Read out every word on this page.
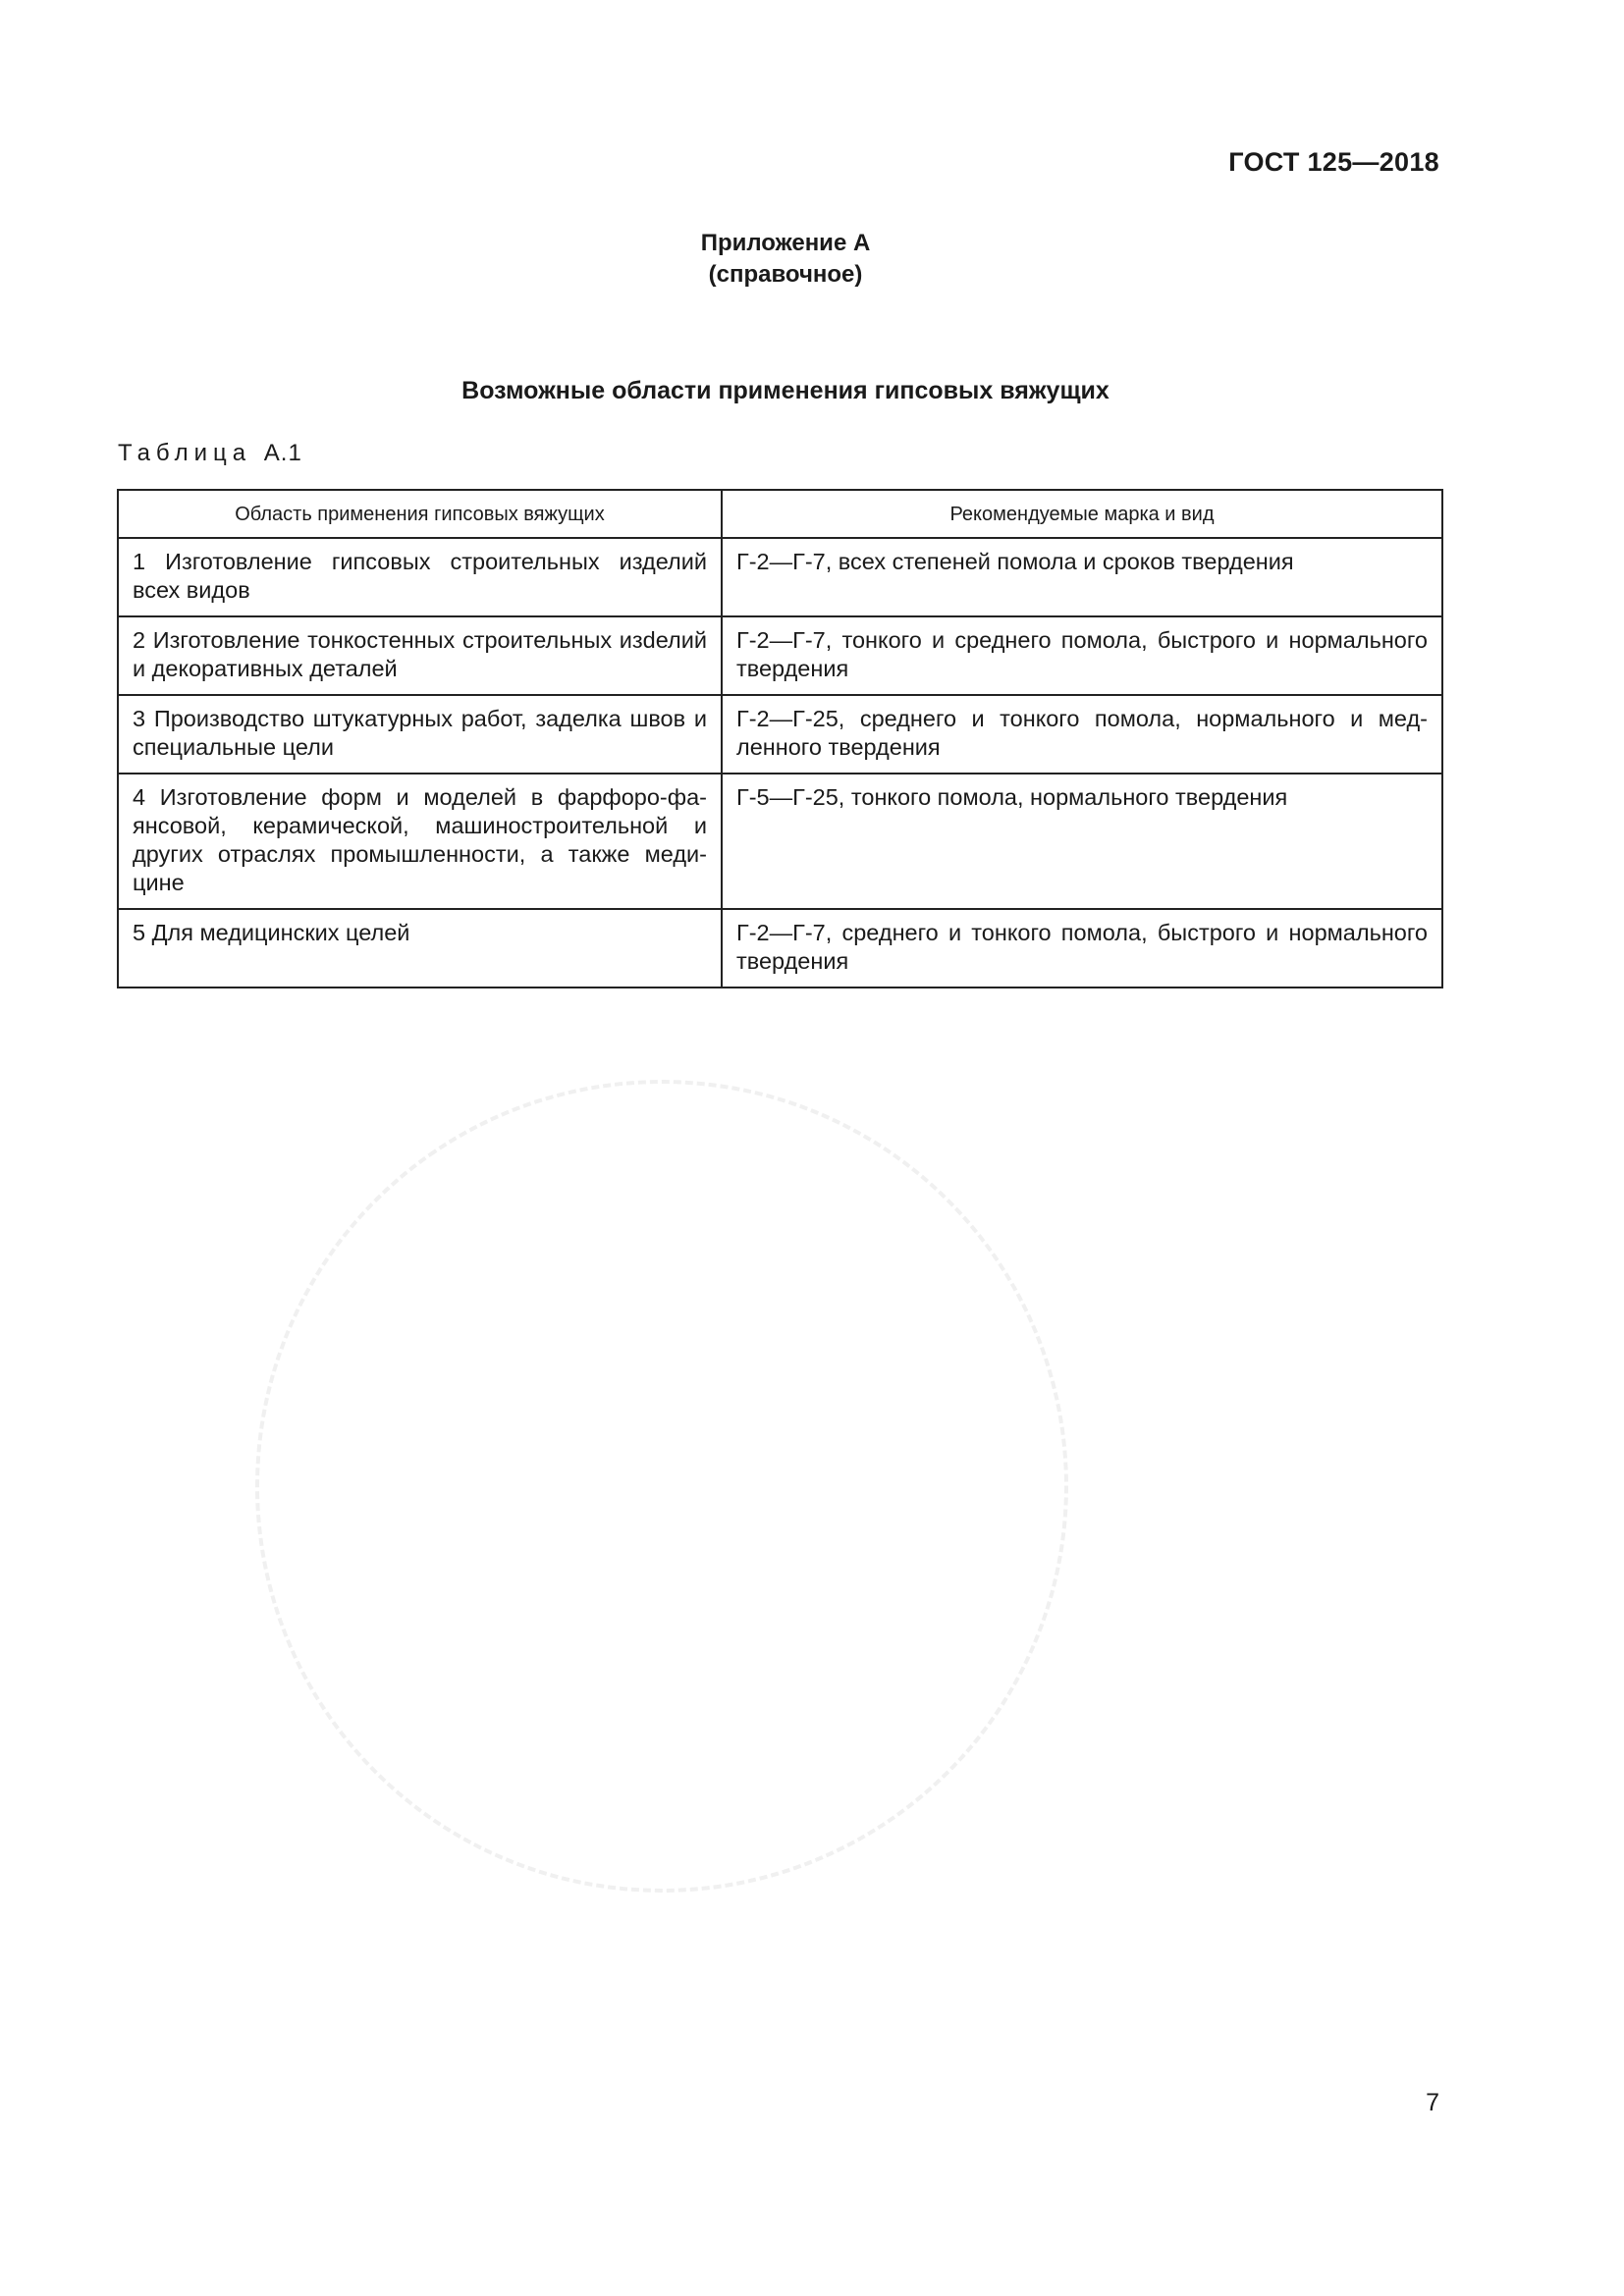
ГОСТ 125—2018
Приложение А
(справочное)
Возможные области применения гипсовых вяжущих
Таблица А.1
Область применения гипсовых вяжущих	Рекомендуемые марка и вид
1 Изготовление гипсовых строительных изделий всех видов	Г-2—Г-7, всех степеней помола и сроков твердения
2 Изготовление тонкостенных строительных изdелий и декоративных деталей	Г-2—Г-7, тонкого и среднего помола, быстрого и нормального твердения
3 Производство штукатурных работ, заделка швов и специальные цели	Г-2—Г-25, среднего и тонкого помола, нормального и медленного твердения
4 Изготовление форм и моделей в фарфоро-фаянсовой, керамической, машиностроительной и других отраслях промышленности, а также медицине	Г-5—Г-25, тонкого помола, нормального твердения
5 Для медицинских целей	Г-2—Г-7, среднего и тонкого помола, быстрого и нормального твердения
7
